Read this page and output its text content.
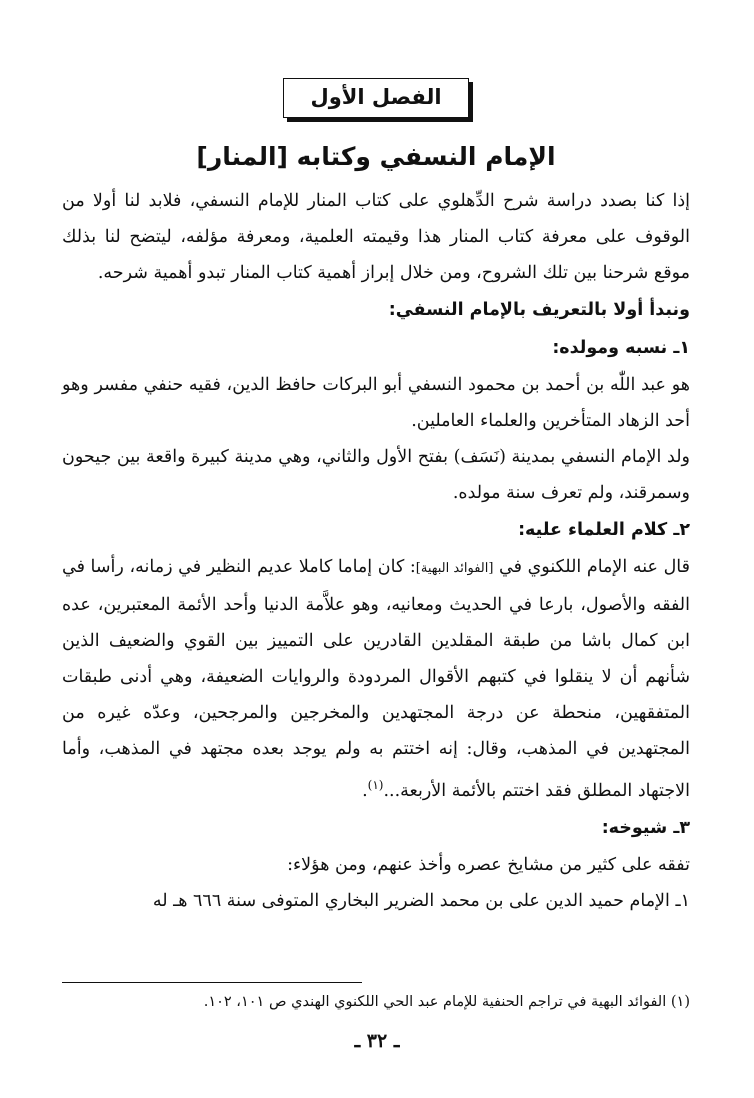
الفصل الأول
الإمام النسفي وكتابه [المنار]

إذا كنا بصدد دراسة شرح الدِّهلوي على كتاب المنار للإمام النسفي، فلابد لنا أولا من الوقوف على معرفة كتاب المنار هذا وقيمته العلمية، ومعرفة مؤلفه، ليتضح لنا بذلك موقع شرحنا بين تلك الشروح، ومن خلال إبراز أهمية كتاب المنار تبدو أهمية شرحه.

ونبدأ أولا بالتعريف بالإمام النسفي:

١ـ نسبه ومولده:

هو عبد اللّٰه بن أحمد بن محمود النسفي أبو البركات حافظ الدين، فقيه حنفي مفسر وهو أحد الزهاد المتأخرين والعلماء العاملين.

ولد الإمام النسفي بمدينة (نَسَف) بفتح الأول والثاني، وهي مدينة كبيرة واقعة بين جيحون وسمرقند، ولم تعرف سنة مولده.

٢ـ كلام العلماء عليه:

قال عنه الإمام اللكنوي في [الفوائد البهية]: كان إماما كاملا عديم النظير في زمانه، رأسا في الفقه والأصول، بارعا في الحديث ومعانيه، وهو علاَّمة الدنيا وأحد الأئمة المعتبرين، عده ابن كمال باشا من طبقة المقلدين القادرين على التمييز بين القوي والضعيف الذين شأنهم أن لا ينقلوا في كتبهم الأقوال المردودة والروايات الضعيفة، وهي أدنى طبقات المتفقهين، منحطة عن درجة المجتهدين والمخرجين والمرجحين، وعدّه غيره من المجتهدين في المذهب، وقال: إنه اختتم به ولم يوجد بعده مجتهد في المذهب، وأما الاجتهاد المطلق فقد اختتم بالأئمة الأربعة...$^{(١)}$.

٣ـ شيوخه:

تفقه على كثير من مشايخ عصره وأخذ عنهم، ومن هؤلاء:

١ـ الإمام حميد الدين على بن محمد الضرير البخاري المتوفى سنة ٦٦٦ هـ له

(١) الفوائد البهية في تراجم الحنفية للإمام عبد الحي اللكنوي الهندي ص ١٠١، ١٠٢.
ـ ٣٢ ـ
